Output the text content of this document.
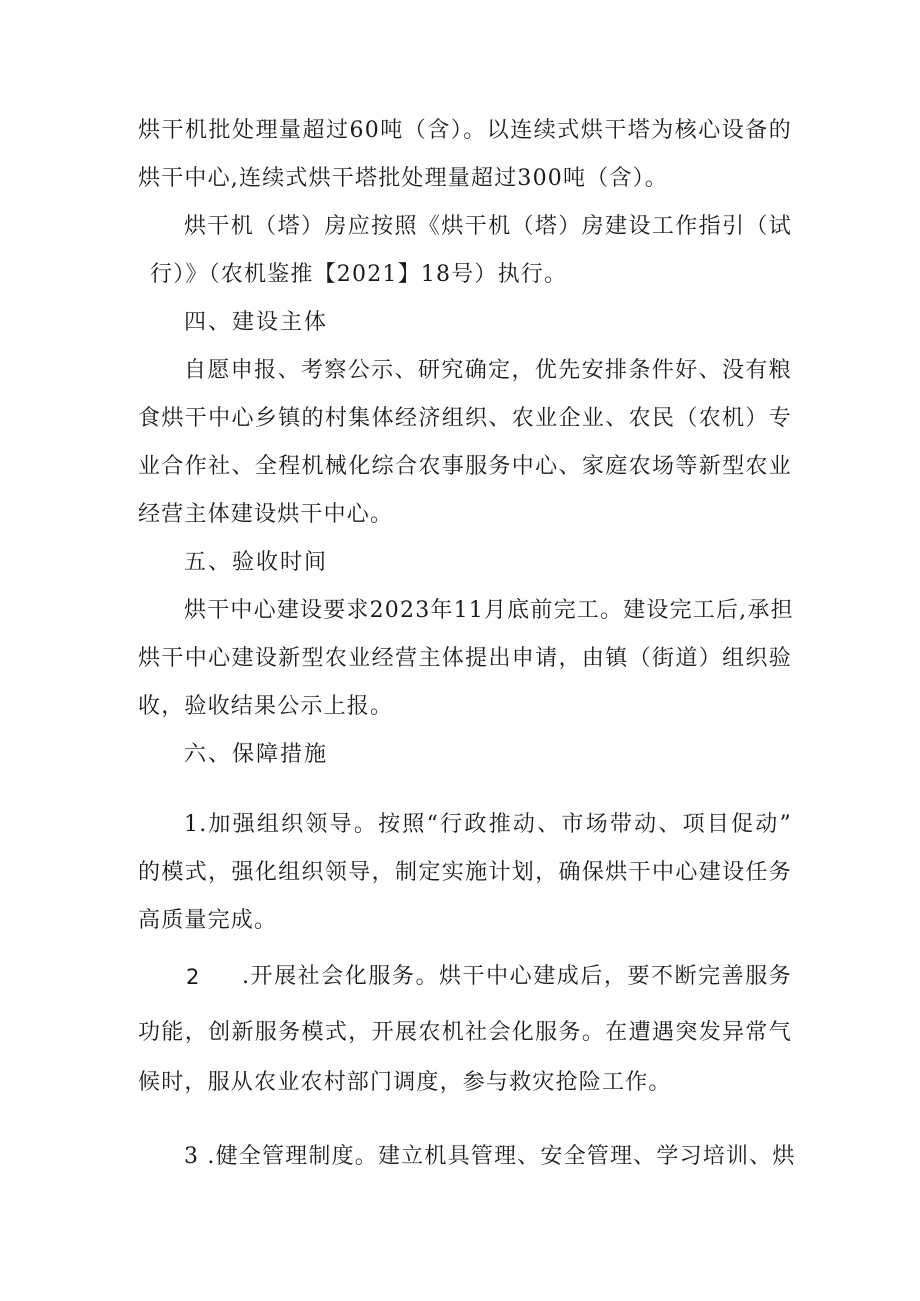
烘干机批处理量超过60吨（含）。以连续式烘干塔为核心设备的
烘干中心,连续式烘干塔批处理量超过300吨（含）。
烘干机（塔）房应按照《烘干机（塔）房建设工作指引（试
行）》（农机鉴推【2021】18号）执行。
四、建设主体
自愿申报、考察公示、研究确定，优先安排条件好、没有粮
食烘干中心乡镇的村集体经济组织、农业企业、农民（农机）专
业合作社、全程机械化综合农事服务中心、家庭农场等新型农业
经营主体建设烘干中心。
五、验收时间
烘干中心建设要求2023年11月底前完工。建设完工后,承担
烘干中心建设新型农业经营主体提出申请，由镇（街道）组织验
收，验收结果公示上报。
六、保障措施
1.加强组织领导。按照“行政推动、市场带动、项目促动”
的模式，强化组织领导，制定实施计划，确保烘干中心建设任务
高质量完成。
2	.开展社会化服务。烘干中心建成后，要不断完善服务
功能，创新服务模式，开展农机社会化服务。在遭遇突发异常气
候时，服从农业农村部门调度，参与救灾抢险工作。
3 .健全管理制度。建立机具管理、安全管理、学习培训、烘
